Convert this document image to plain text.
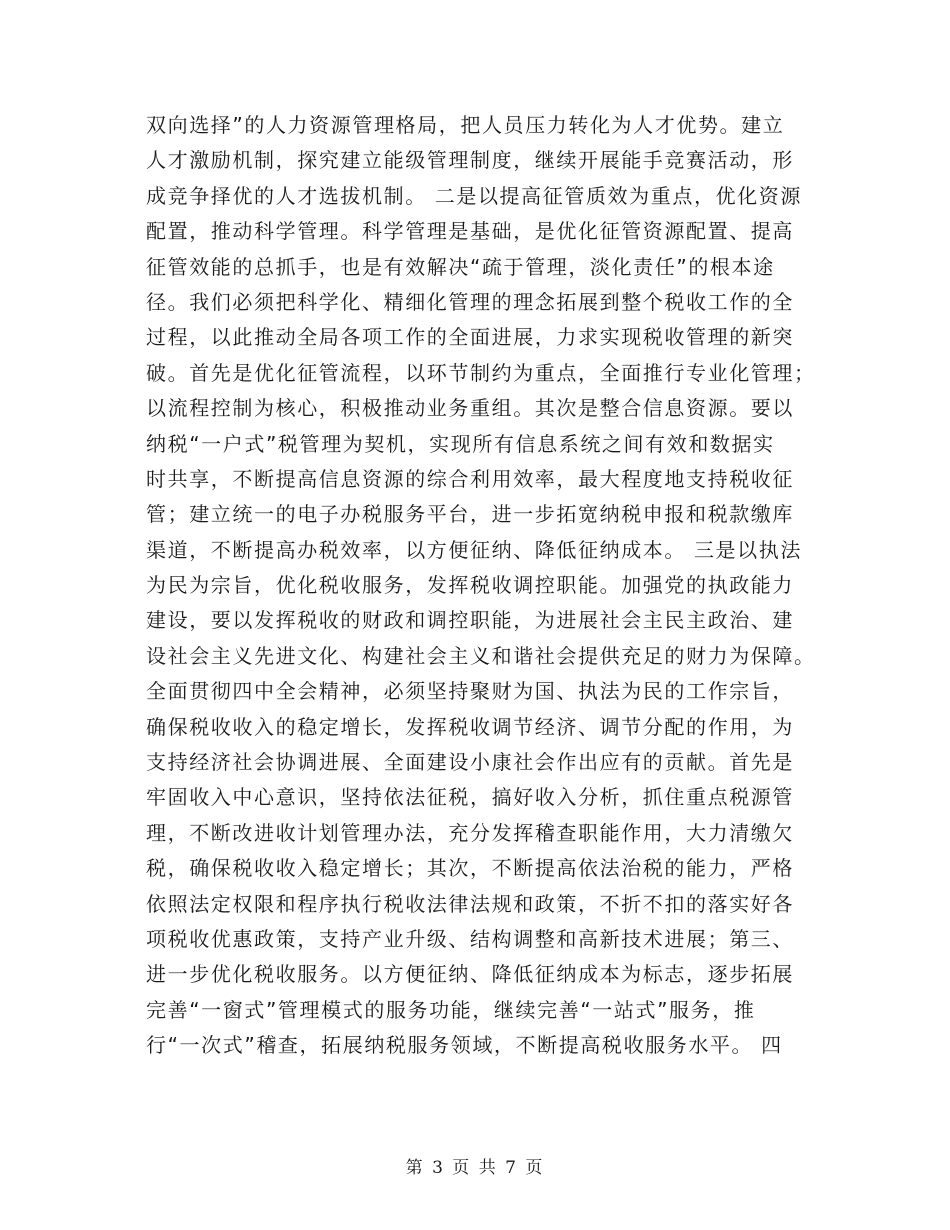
双向选择”的人力资源管理格局，把人员压力转化为人才优势。建立
人才激励机制，探究建立能级管理制度，继续开展能手竞赛活动，形
成竞争择优的人才选拔机制。 二是以提高征管质效为重点，优化资源
配置，推动科学管理。科学管理是基础，是优化征管资源配置、提高
征管效能的总抓手，也是有效解决“疏于管理，淡化责任”的根本途
径。我们必须把科学化、精细化管理的理念拓展到整个税收工作的全
过程，以此推动全局各项工作的全面进展，力求实现税收管理的新突
破。首先是优化征管流程，以环节制约为重点，全面推行专业化管理；
以流程控制为核心，积极推动业务重组。其次是整合信息资源。要以
纳税“一户式”税管理为契机，实现所有信息系统之间有效和数据实
时共享，不断提高信息资源的综合利用效率，最大程度地支持税收征
管；建立统一的电子办税服务平台，进一步拓宽纳税申报和税款缴库
渠道，不断提高办税效率，以方便征纳、降低征纳成本。 三是以执法
为民为宗旨，优化税收服务，发挥税收调控职能。加强党的执政能力
建设，要以发挥税收的财政和调控职能，为进展社会主民主政治、建
设社会主义先进文化、构建社会主义和谐社会提供充足的财力为保障。
全面贯彻四中全会精神，必须坚持聚财为国、执法为民的工作宗旨，
确保税收收入的稳定增长，发挥税收调节经济、调节分配的作用，为
支持经济社会协调进展、全面建设小康社会作出应有的贡献。首先是
牢固收入中心意识，坚持依法征税，搞好收入分析，抓住重点税源管
理，不断改进收计划管理办法，充分发挥稽查职能作用，大力清缴欠
税，确保税收收入稳定增长；其次，不断提高依法治税的能力，严格
依照法定权限和程序执行税收法律法规和政策，不折不扣的落实好各
项税收优惠政策，支持产业升级、结构调整和高新技术进展；第三、
进一步优化税收服务。以方便征纳、降低征纳成本为标志，逐步拓展
完善“一窗式”管理模式的服务功能，继续完善“一站式”服务，推
行“一次式”稽查，拓展纳税服务领域，不断提高税收服务水平。 四
第 3 页 共 7 页
